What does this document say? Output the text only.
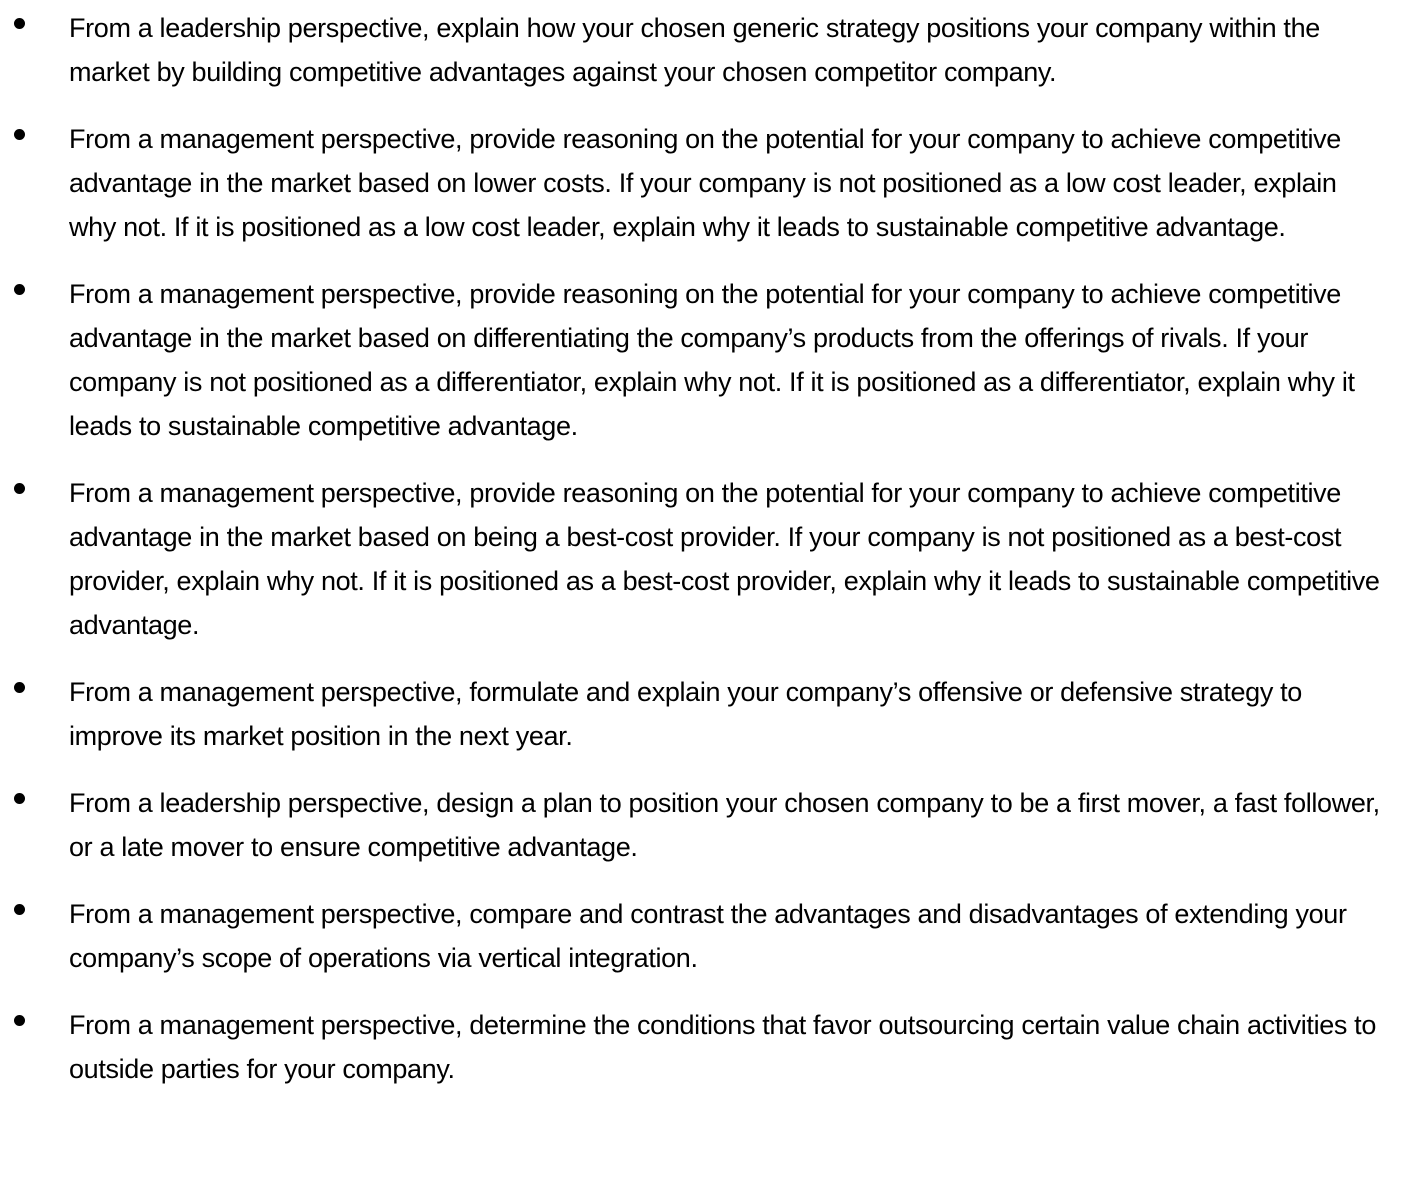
From a leadership perspective, explain how your chosen generic strategy positions your company within the market by building competitive advantages against your chosen competitor company.
From a management perspective, provide reasoning on the potential for your company to achieve competitive advantage in the market based on lower costs. If your company is not positioned as a low cost leader, explain why not. If it is positioned as a low cost leader, explain why it leads to sustainable competitive advantage.
From a management perspective, provide reasoning on the potential for your company to achieve competitive advantage in the market based on differentiating the company’s products from the offerings of rivals. If your company is not positioned as a differentiator, explain why not. If it is positioned as a differentiator, explain why it leads to sustainable competitive advantage.
From a management perspective, provide reasoning on the potential for your company to achieve competitive advantage in the market based on being a best-cost provider. If your company is not positioned as a best-cost provider, explain why not. If it is positioned as a best-cost provider, explain why it leads to sustainable competitive advantage.
From a management perspective, formulate and explain your company’s offensive or defensive strategy to improve its market position in the next year.
From a leadership perspective, design a plan to position your chosen company to be a first mover, a fast follower, or a late mover to ensure competitive advantage.
From a management perspective, compare and contrast the advantages and disadvantages of extending your company’s scope of operations via vertical integration.
From a management perspective, determine the conditions that favor outsourcing certain value chain activities to outside parties for your company.
